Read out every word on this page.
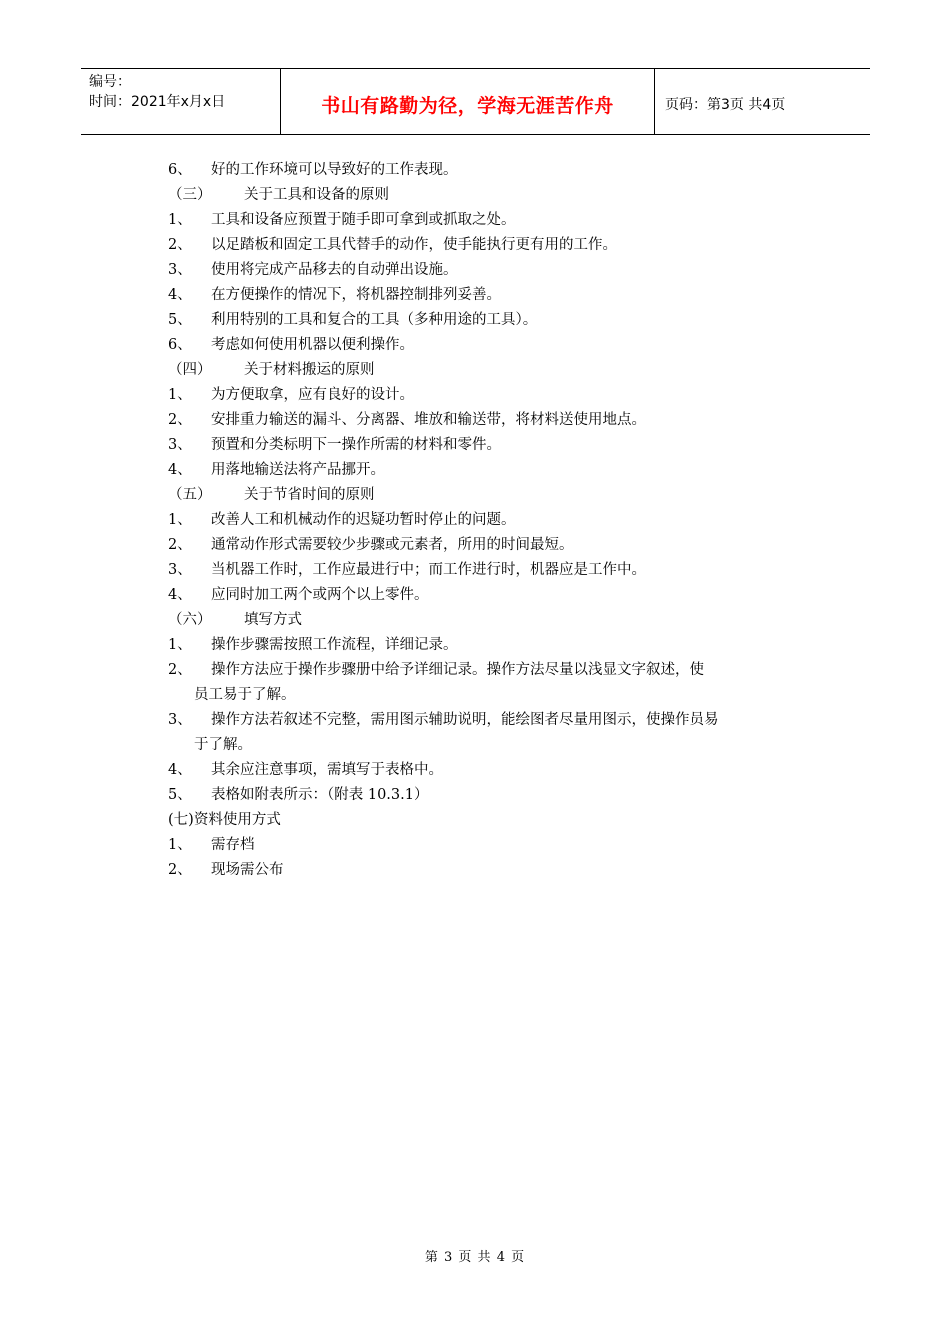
编号：
时间：2021年x月x日	书山有路勤为径，学海无涯苦作舟	页码：第3页 共4页
6、	好的工作环境可以导致好的工作表现。
（三）	关于工具和设备的原则
1、	工具和设备应预置于随手即可拿到或抓取之处。
2、	以足踏板和固定工具代替手的动作，使手能执行更有用的工作。
3、	使用将完成产品移去的自动弹出设施。
4、	在方便操作的情况下，将机器控制排列妥善。
5、	利用特别的工具和复合的工具（多种用途的工具）。
6、	考虑如何使用机器以便利操作。
（四）	关于材料搬运的原则
1、	为方便取拿，应有良好的设计。
2、	安排重力输送的漏斗、分离器、堆放和输送带，将材料送使用地点。
3、	预置和分类标明下一操作所需的材料和零件。
4、	用落地输送法将产品挪开。
（五）	关于节省时间的原则
1、	改善人工和机械动作的迟疑功暂时停止的问题。
2、	通常动作形式需要较少步骤或元素者，所用的时间最短。
3、	当机器工作时，工作应最进行中；而工作进行时，机器应是工作中。
4、	应同时加工两个或两个以上零件。
（六）	填写方式
1、	操作步骤需按照工作流程，详细记录。
2、	操作方法应于操作步骤册中给予详细记录。操作方法尽量以浅显文字叙述，使
员工易于了解。
3、	操作方法若叙述不完整，需用图示辅助说明，能绘图者尽量用图示，使操作员易
于了解。
4、	其余应注意事项，需填写于表格中。
5、	表格如附表所示：（附表 10.3.1）
(七)资料使用方式
1、	需存档
2、	现场需公布
第 3 页 共 4 页
